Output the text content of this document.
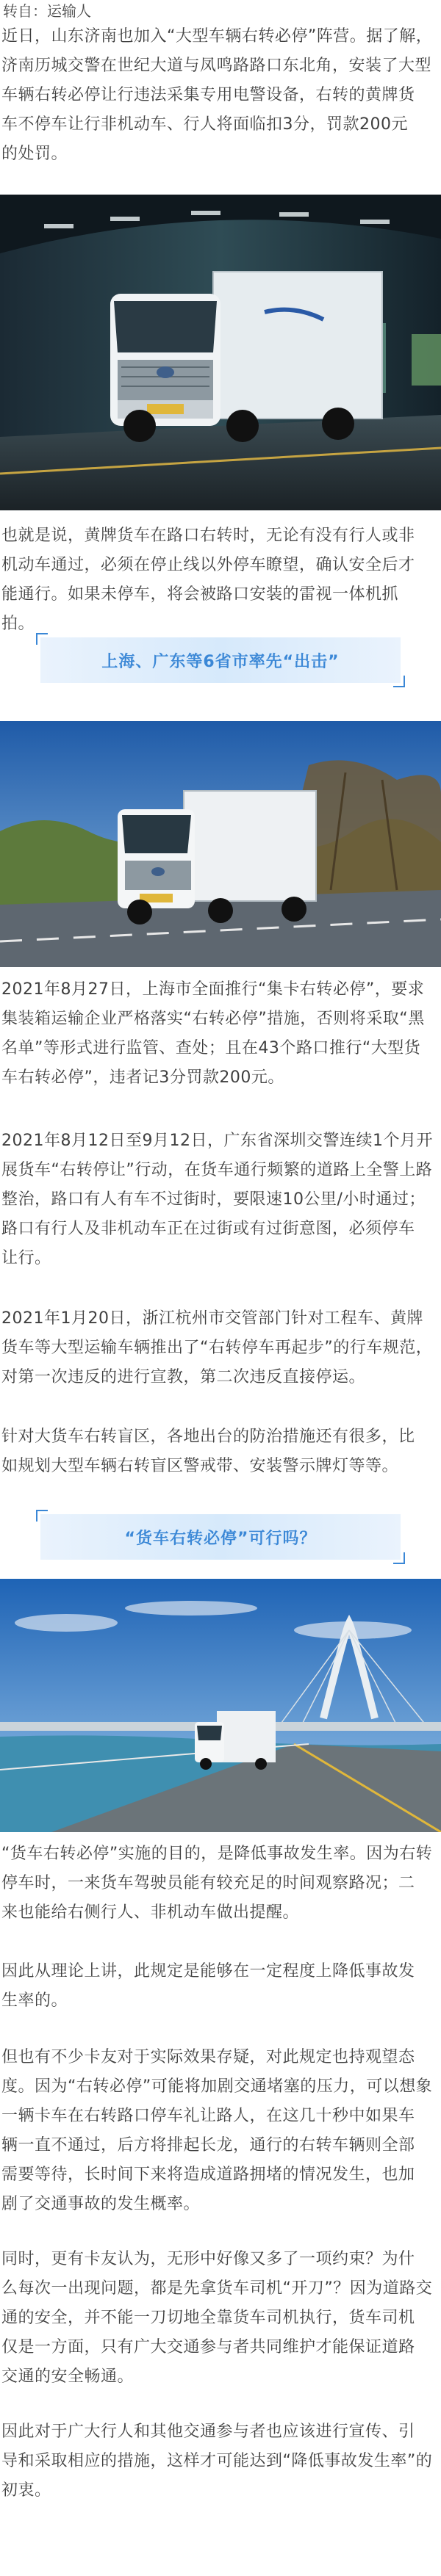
转自：运输人
近日，山东济南也加入“大型车辆右转必停”阵营。据了解，
济南历城交警在世纪大道与凤鸣路路口东北角，安装了大型
车辆右转必停让行违法采集专用电警设备，右转的黄牌货
车不停车让行非机动车、行人将面临扣3分，罚款200元
的处罚。
也就是说，黄牌货车在路口右转时，无论有没有行人或非
机动车通过，必须在停止线以外停车瞭望，确认安全后才
能通行。如果未停车，将会被路口安装的雷视一体机抓
拍。
上海、广东等6省市率先“出击”
2021年8月27日，上海市全面推行“集卡右转必停”，要求
集装箱运输企业严格落实“右转必停”措施，否则将采取“黑
名单”等形式进行监管、查处；且在43个路口推行“大型货
车右转必停”，违者记3分罚款200元。
2021年8月12日至9月12日，广东省深圳交警连续1个月开
展货车“右转停让”行动，在货车通行频繁的道路上全警上路
整治，路口有人有车不过街时，要限速10公里/小时通过；
路口有行人及非机动车正在过街或有过街意图，必须停车
让行。
2021年1月20日，浙江杭州市交管部门针对工程车、黄牌
货车等大型运输车辆推出了“右转停车再起步”的行车规范，
对第一次违反的进行宣教，第二次违反直接停运。
针对大货车右转盲区，各地出台的防治措施还有很多，比
如规划大型车辆右转盲区警戒带、安装警示牌灯等等。
“货车右转必停”可行吗？
“货车右转必停”实施的目的，是降低事故发生率。因为右转
停车时，一来货车驾驶员能有较充足的时间观察路况；二
来也能给右侧行人、非机动车做出提醒。
因此从理论上讲，此规定是能够在一定程度上降低事故发
生率的。
但也有不少卡友对于实际效果存疑，对此规定也持观望态
度。因为“右转必停”可能将加剧交通堵塞的压力，可以想象
一辆卡车在右转路口停车礼让路人，在这几十秒中如果车
辆一直不通过，后方将排起长龙，通行的右转车辆则全部
需要等待，长时间下来将造成道路拥堵的情况发生，也加
剧了交通事故的发生概率。
同时，更有卡友认为，无形中好像又多了一项约束？为什
么每次一出现问题，都是先拿货车司机“开刀”？因为道路交
通的安全，并不能一刀切地全靠货车司机执行，货车司机
仅是一方面，只有广大交通参与者共同维护才能保证道路
交通的安全畅通。
因此对于广大行人和其他交通参与者也应该进行宣传、引
导和采取相应的措施，这样才可能达到“降低事故发生率”的
初衷。
